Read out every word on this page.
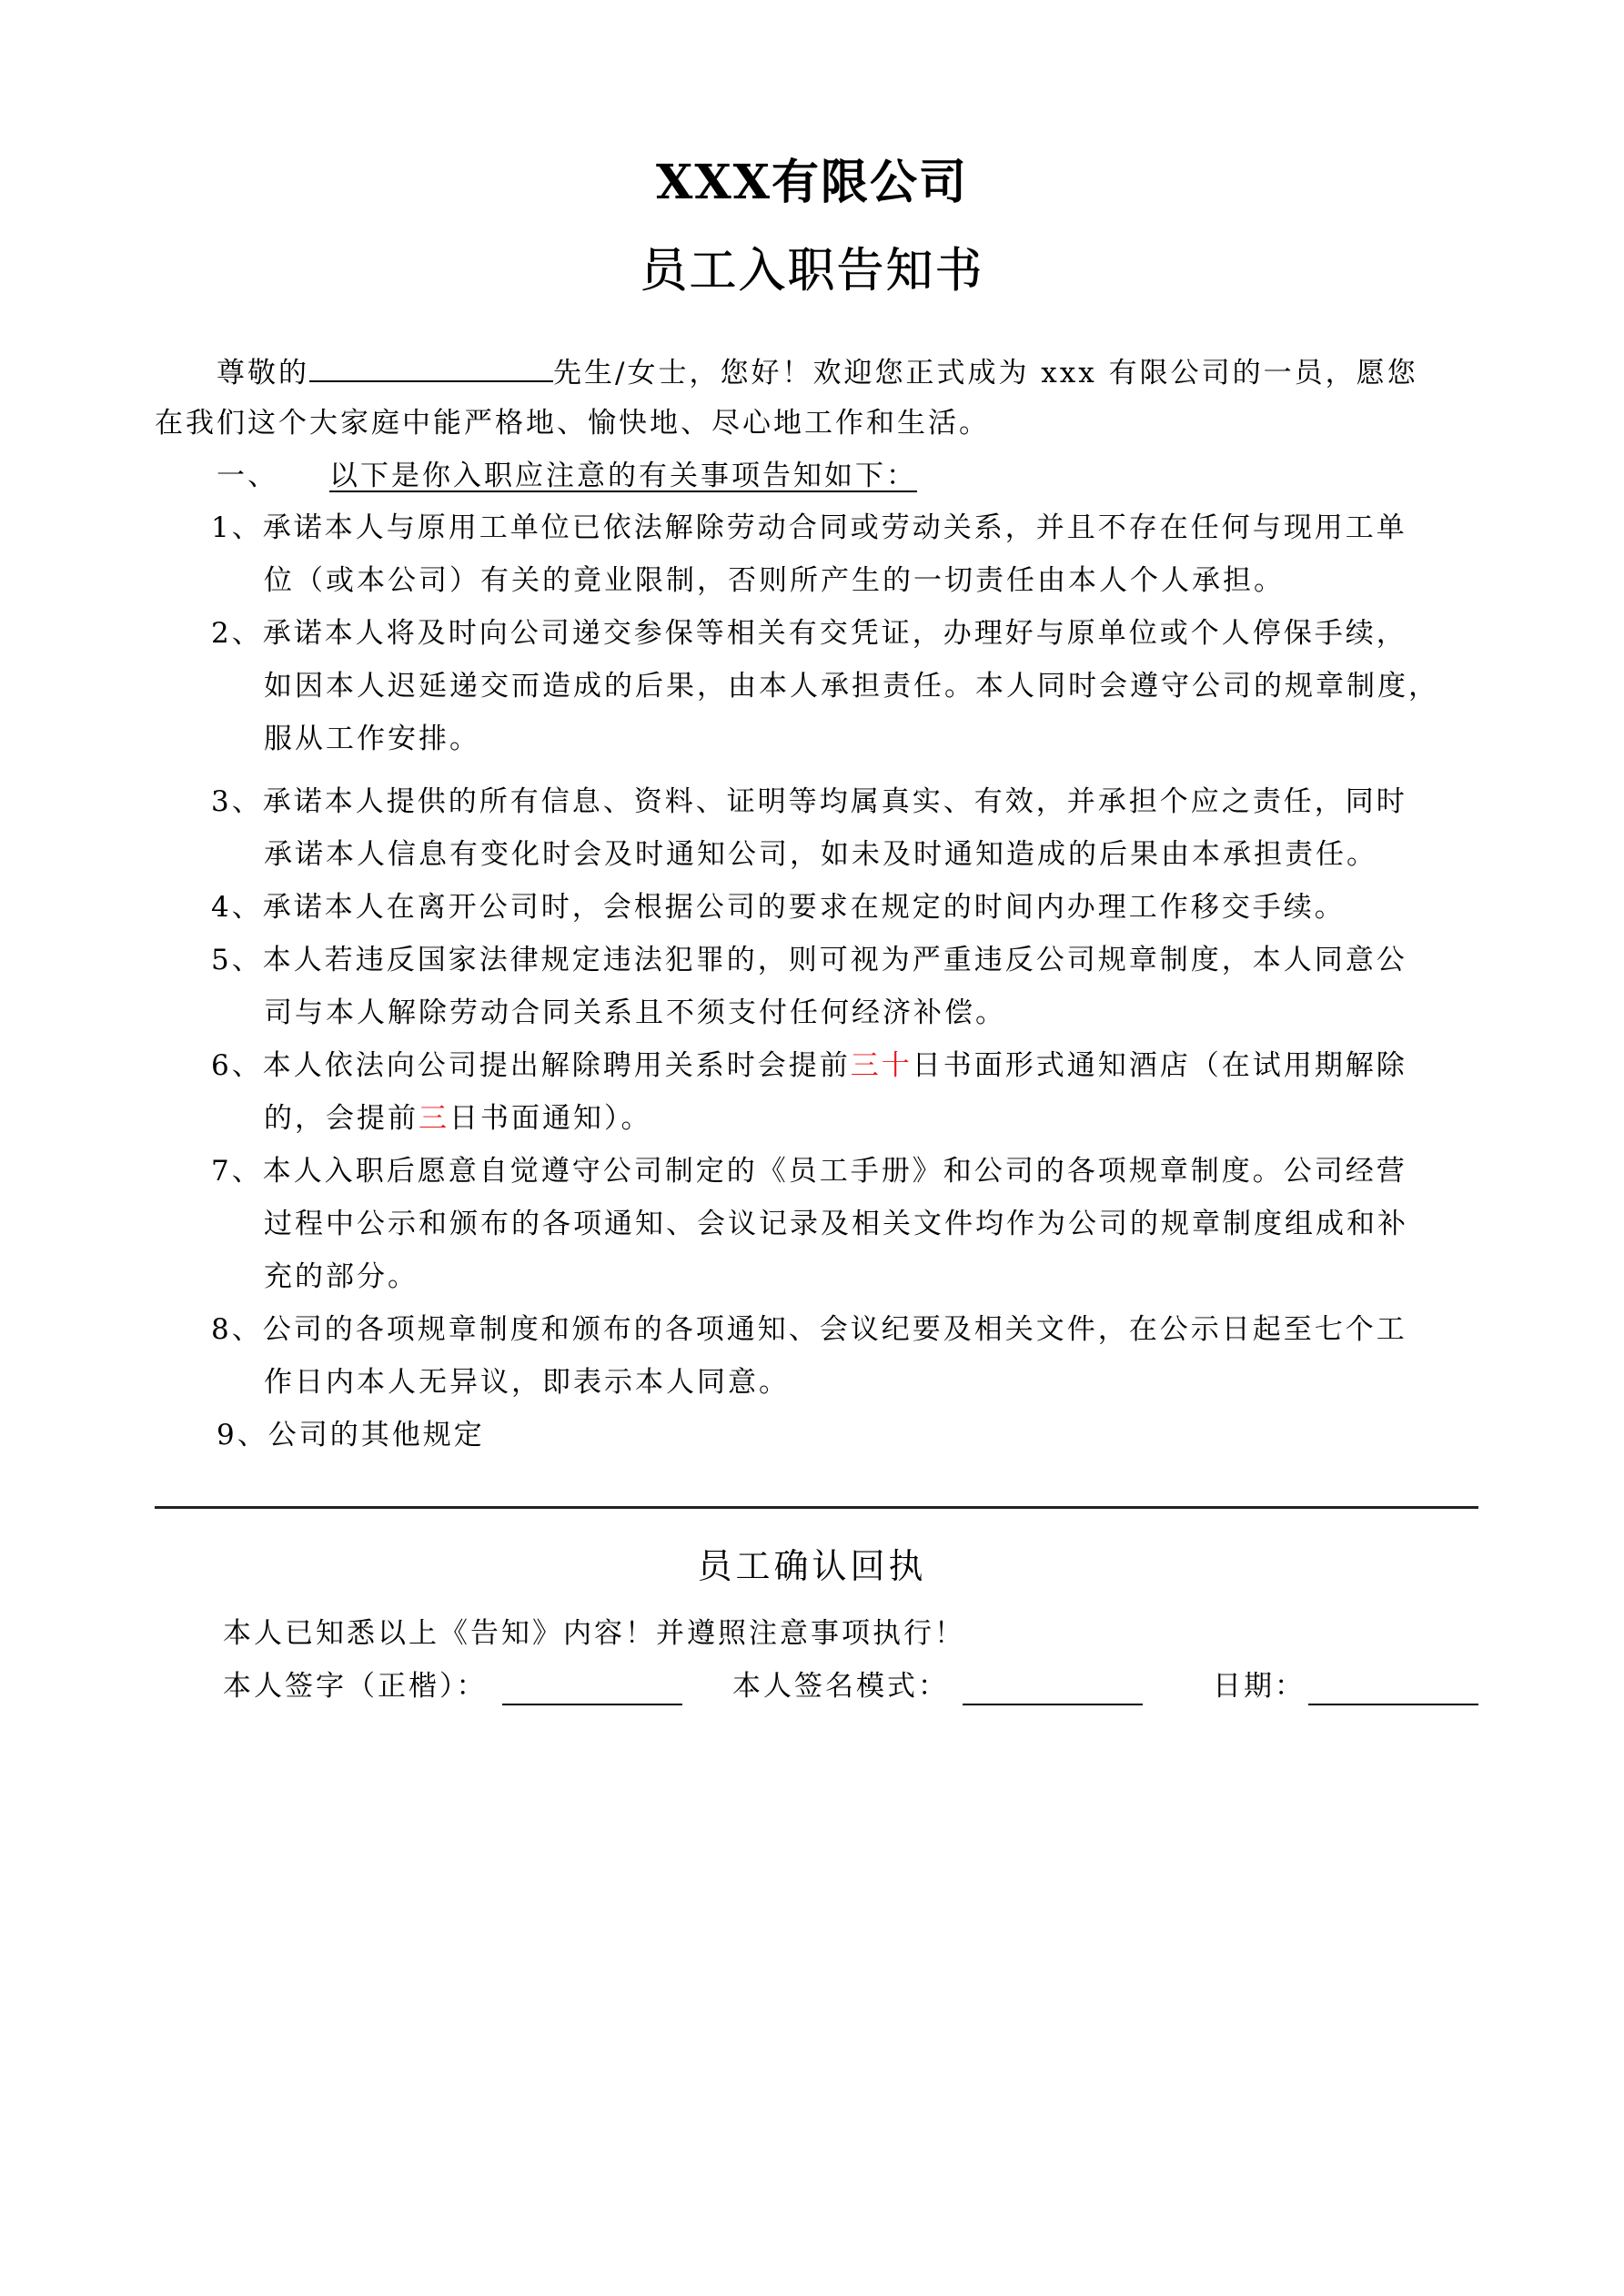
XXX有限公司
员工入职告知书
尊敬的	先生/女士，您好！欢迎您正式成为 xxx 有限公司的一员，愿您
在我们这个大家庭中能严格地、愉快地、尽心地工作和生活。
一、 以下是你入职应注意的有关事项告知如下：
1、承诺本人与原用工单位已依法解除劳动合同或劳动关系，并且不存在任何与现用工单
位（或本公司）有关的竟业限制，否则所产生的一切责任由本人个人承担。
2、承诺本人将及时向公司递交参保等相关有交凭证，办理好与原单位或个人停保手续，
如因本人迟延递交而造成的后果，由本人承担责任。本人同时会遵守公司的规章制度，
服从工作安排。
3、承诺本人提供的所有信息、资料、证明等均属真实、有效，并承担个应之责任，同时
承诺本人信息有变化时会及时通知公司，如未及时通知造成的后果由本承担责任。
4、承诺本人在离开公司时，会根据公司的要求在规定的时间内办理工作移交手续。
5、本人若违反国家法律规定违法犯罪的，则可视为严重违反公司规章制度，本人同意公
司与本人解除劳动合同关系且不须支付任何经济补偿。
6、本人依法向公司提出解除聘用关系时会提前三十日书面形式通知酒店（在试用期解除
的，会提前三日书面通知）。
7、本人入职后愿意自觉遵守公司制定的《员工手册》和公司的各项规章制度。公司经营
过程中公示和颁布的各项通知、会议记录及相关文件均作为公司的规章制度组成和补
充的部分。
8、公司的各项规章制度和颁布的各项通知、会议纪要及相关文件，在公示日起至七个工
作日内本人无异议，即表示本人同意。
9、公司的其他规定
员工确认回执
本人已知悉以上《告知》内容！并遵照注意事项执行！
本人签字（正楷）：	本人签名模式：	日期：
